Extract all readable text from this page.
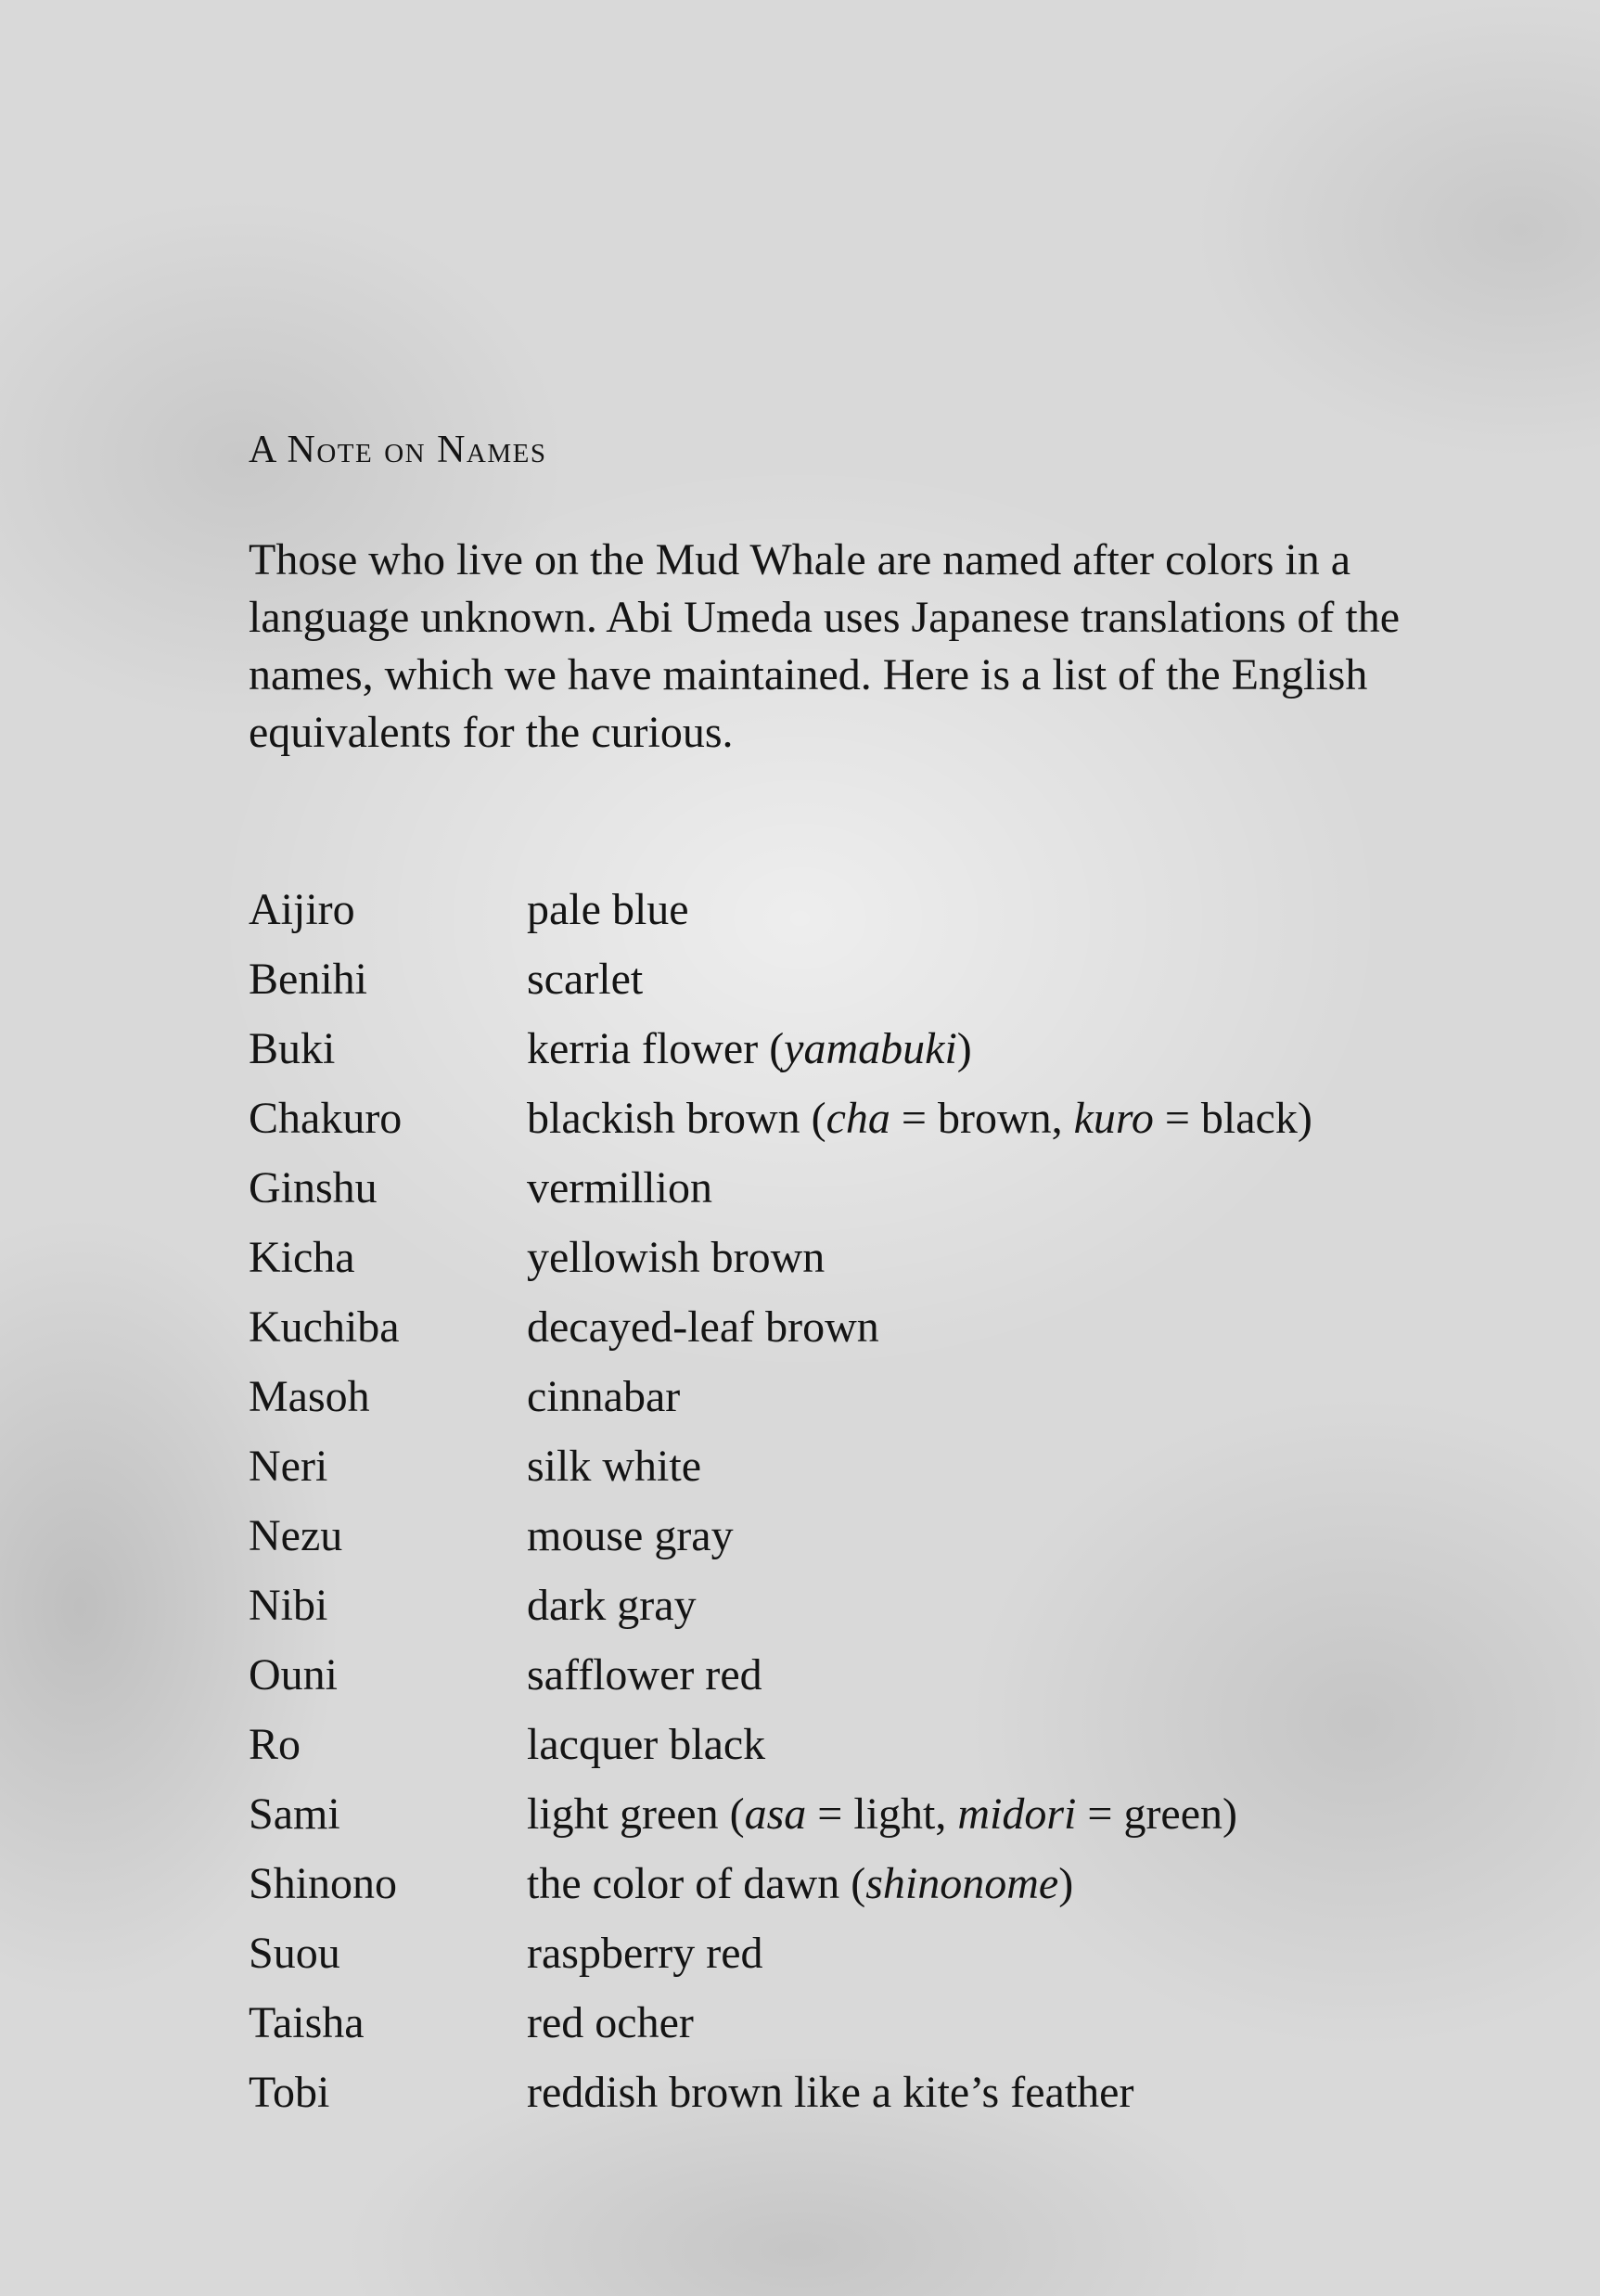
A Note on Names

Those who live on the Mud Whale are named after colors in a language unknown. Abi Umeda uses Japanese translations of the names, which we have maintained. Here is a list of the English equivalents for the curious.

Aijiro	pale blue
Benihi	scarlet
Buki	kerria flower (yamabuki)
Chakuro	blackish brown (cha = brown, kuro = black)
Ginshu	vermillion
Kicha	yellowish brown
Kuchiba	decayed-leaf brown
Masoh	cinnabar
Neri	silk white
Nezu	mouse gray
Nibi	dark gray
Ouni	safflower red
Ro	lacquer black
Sami	light green (asa = light, midori = green)
Shinono	the color of dawn (shinonome)
Suou	raspberry red
Taisha	red ocher
Tobi	reddish brown like a kite’s feather
